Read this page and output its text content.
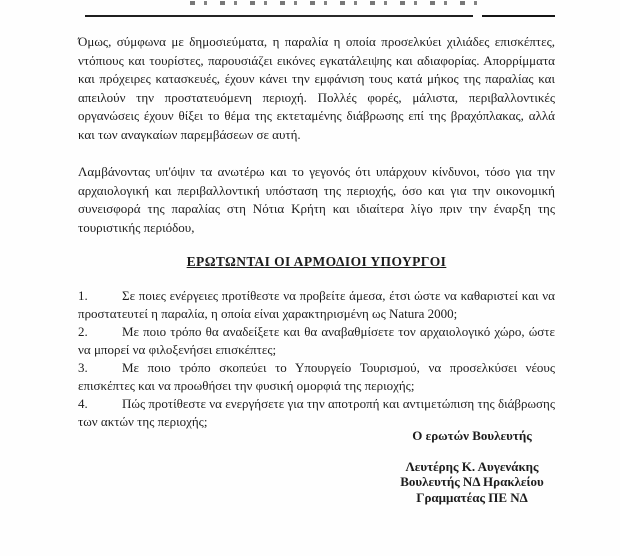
Όμως, σύμφωνα με δημοσιεύματα, η παραλία η οποία προσελκύει χιλιάδες επισκέπτες, ντόπιους και τουρίστες, παρουσιάζει εικόνες εγκατάλειψης και αδιαφορίας. Απορρίμματα και πρόχειρες κατασκευές, έχουν κάνει την εμφάνιση τους κατά μήκος της παραλίας και απειλούν την προστατευόμενη περιοχή. Πολλές φορές, μάλιστα, περιβαλλοντικές οργανώσεις έχουν θίξει το θέμα της εκτεταμένης διάβρωσης επί της βραχόπλακας, αλλά και των αναγκαίων παρεμβάσεων σε αυτή.

Λαμβάνοντας υπ'όψιν τα ανωτέρω και το γεγονός ότι υπάρχουν κίνδυνοι, τόσο για την αρχαιολογική και περιβαλλοντική υπόσταση της περιοχής, όσο και για την οικονομική συνεισφορά της παραλίας στη Νότια Κρήτη και ιδιαίτερα λίγο πριν την έναρξη της τουριστικής περιόδου,

ΕΡΩΤΩΝΤΑΙ ΟΙ ΑΡΜΟΔΙΟΙ ΥΠΟΥΡΓΟΙ

1.	Σε ποιες ενέργειες προτίθεστε να προβείτε άμεσα, έτσι ώστε να καθαριστεί και να προστατευτεί η παραλία, η οποία είναι χαρακτηρισμένη ως Natura 2000;

2.	Με ποιο τρόπο θα αναδείξετε και θα αναβαθμίσετε τον αρχαιολογικό χώρο, ώστε να μπορεί να φιλοξενήσει επισκέπτες;

3.	Με ποιο τρόπο σκοπεύει το Υπουργείο Τουρισμού, να προσελκύσει νέους επισκέπτες και να προωθήσει την φυσική ομορφιά της περιοχής;

4.	Πώς προτίθεστε να ενεργήσετε για την αποτροπή και αντιμετώπιση της διάβρωσης των ακτών της περιοχής;

Ο ερωτών Βουλευτής

Λευτέρης Κ. Αυγενάκης

Βουλευτής ΝΔ Ηρακλείου

Γραμματέας ΠΕ ΝΔ
